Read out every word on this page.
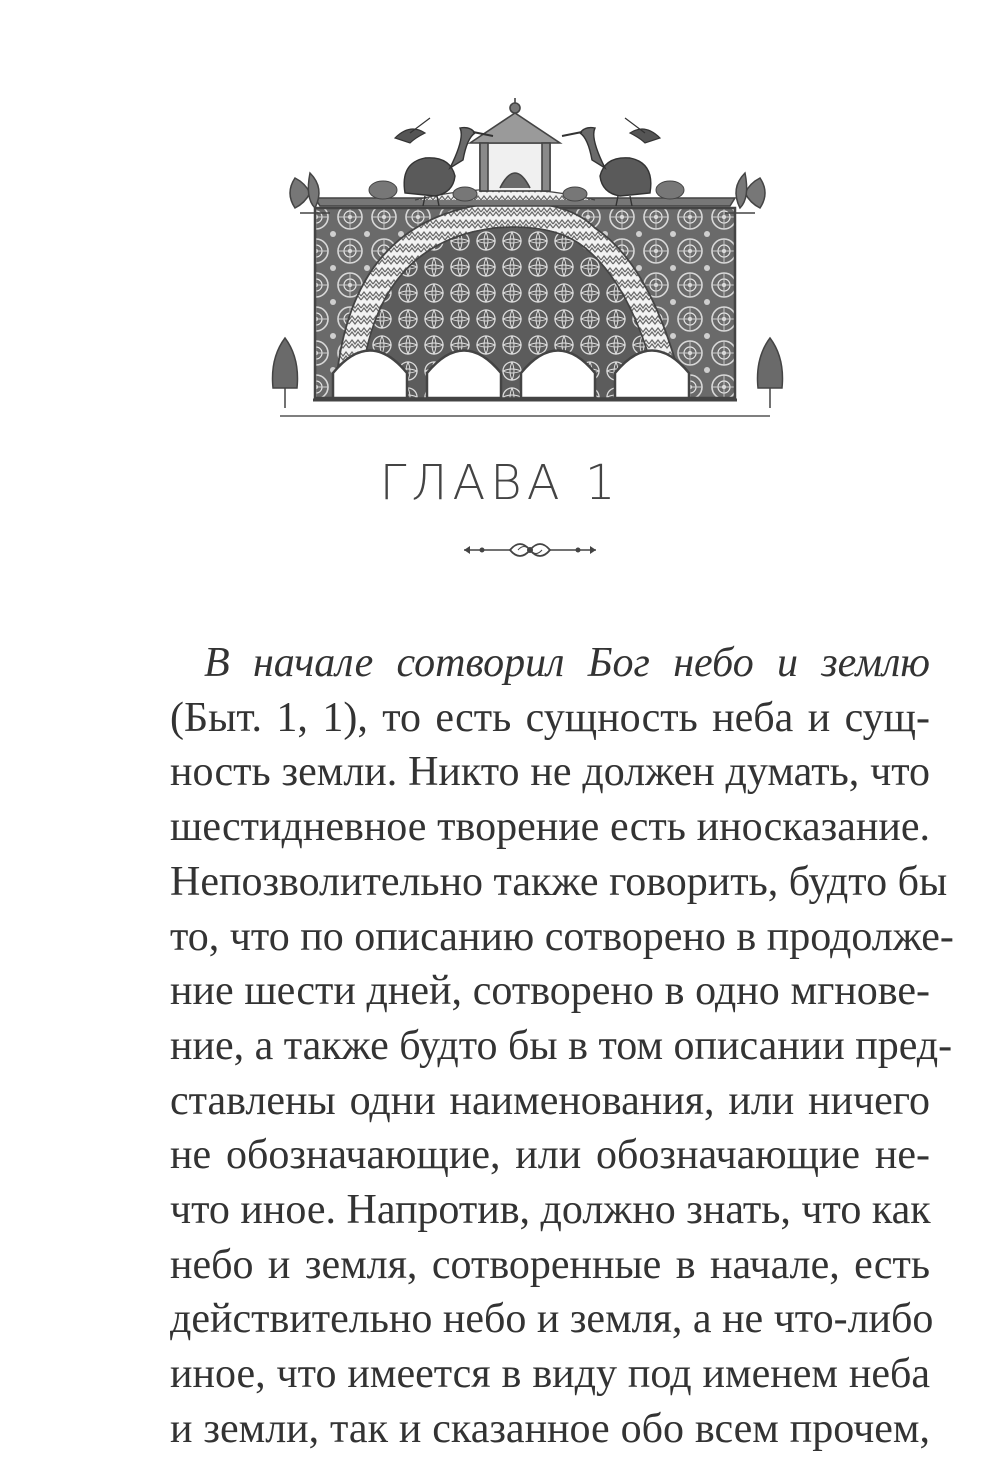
ГЛАВА 1
В начале сотворил Бог небо и землю
(Быт. 1, 1), то есть сущность неба и сущ-
ность земли. Никто не должен думать, что
шестидневное творение есть иносказание.
Непозволительно также говорить, будто бы
то, что по описанию сотворено в продолже-
ние шести дней, сотворено в одно мгнове-
ние, а также будто бы в том описании пред-
ставлены одни наименования, или ничего
не обозначающие, или обозначающие не-
что иное. Напротив, должно знать, что как
небо и земля, сотворенные в начале, есть
действительно небо и земля, а не что-либо
иное, что имеется в виду под именем неба
и земли, так и сказанное обо всем прочем,
